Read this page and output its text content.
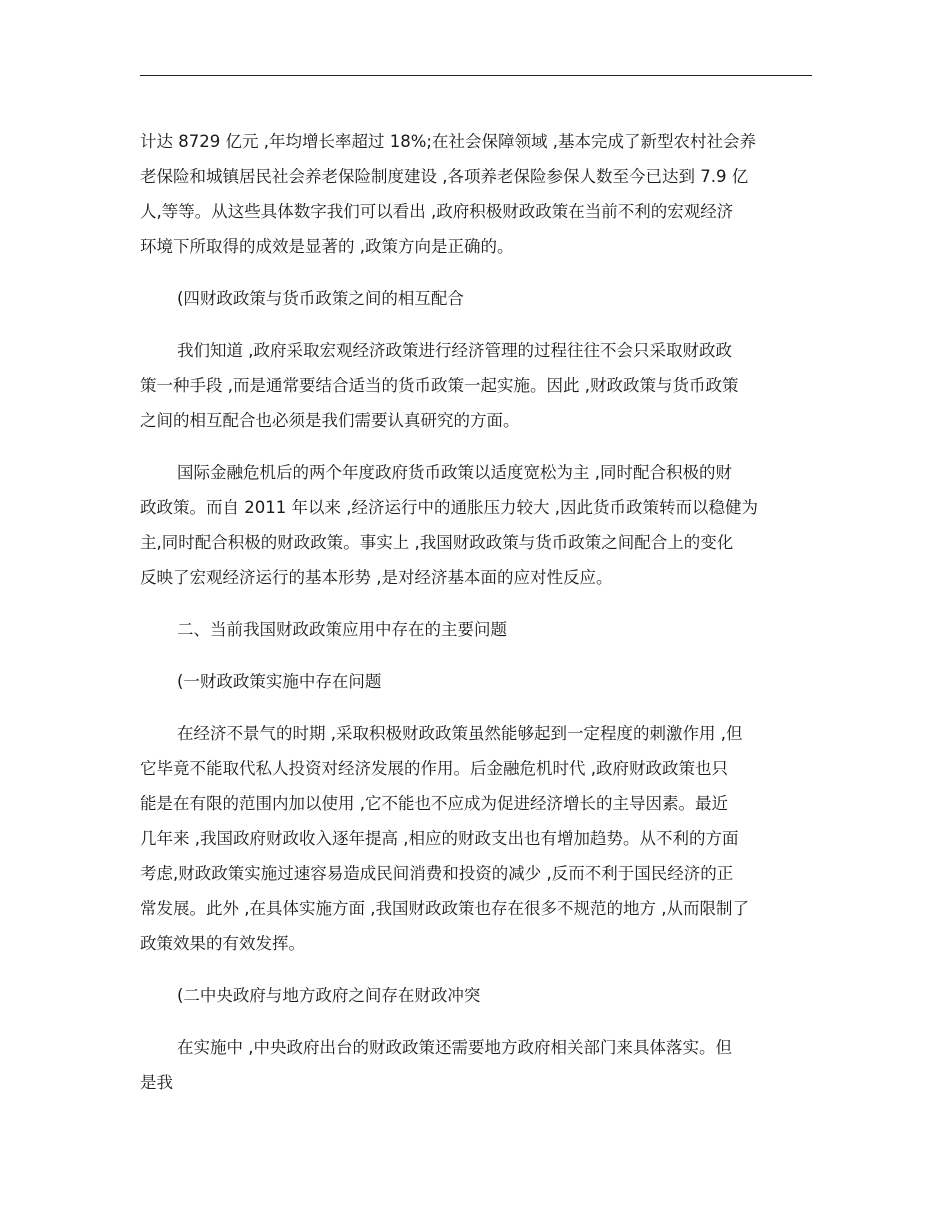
计达 8729 亿元 ,年均增长率超过 18%;在社会保障领域 ,基本完成了新型农村社会养
老保险和城镇居民社会养老保险制度建设 ,各项养老保险参保人数至今已达到 7.9 亿
人,等等。从这些具体数字我们可以看出 ,政府积极财政政策在当前不利的宏观经济
环境下所取得的成效是显著的 ,政策方向是正确的。
(四财政政策与货币政策之间的相互配合
我们知道 ,政府采取宏观经济政策进行经济管理的过程往往不会只采取财政政
策一种手段 ,而是通常要结合适当的货币政策一起实施。因此 ,财政政策与货币政策
之间的相互配合也必须是我们需要认真研究的方面。
国际金融危机后的两个年度政府货币政策以适度宽松为主 ,同时配合积极的财
政政策。而自 2011 年以来 ,经济运行中的通胀压力较大 ,因此货币政策转而以稳健为
主,同时配合积极的财政政策。事实上 ,我国财政政策与货币政策之间配合上的变化
反映了宏观经济运行的基本形势 ,是对经济基本面的应对性反应。
二、当前我国财政政策应用中存在的主要问题
(一财政政策实施中存在问题
在经济不景气的时期 ,采取积极财政政策虽然能够起到一定程度的刺激作用 ,但
它毕竟不能取代私人投资对经济发展的作用。后金融危机时代 ,政府财政政策也只
能是在有限的范围内加以使用 ,它不能也不应成为促进经济增长的主导因素。最近
几年来 ,我国政府财政收入逐年提高 ,相应的财政支出也有增加趋势。从不利的方面
考虑,财政政策实施过速容易造成民间消费和投资的减少 ,反而不利于国民经济的正
常发展。此外 ,在具体实施方面 ,我国财政政策也存在很多不规范的地方 ,从而限制了
政策效果的有效发挥。
(二中央政府与地方政府之间存在财政冲突
在实施中 ,中央政府出台的财政政策还需要地方政府相关部门来具体落实。但
是我
